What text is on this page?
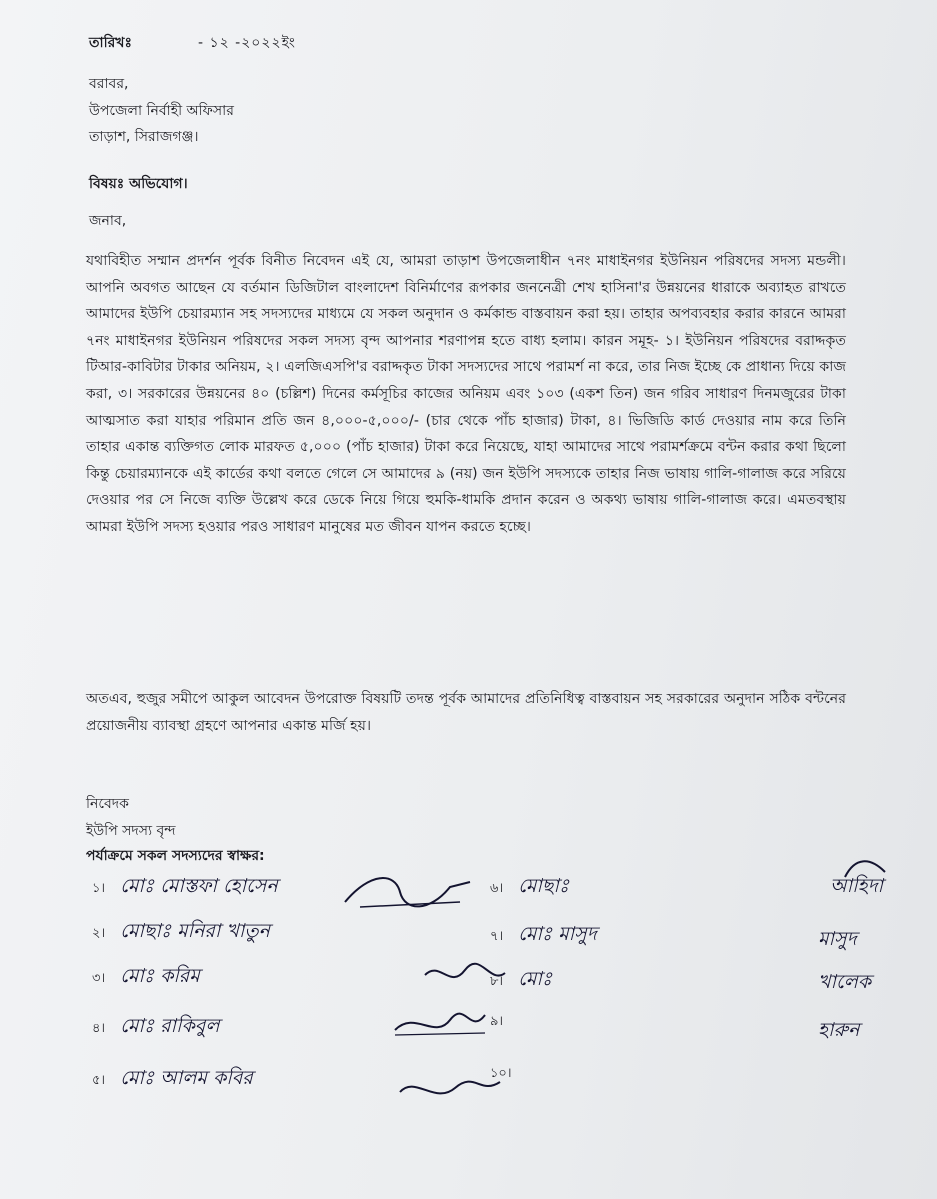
তারিখঃ	- ১২ -২০২২ইং
বরাবর,
উপজেলা নির্বাহী অফিসার
তাড়াশ, সিরাজগঞ্জ।
বিষয়ঃ অভিযোগ।
জনাব,
যথাবিহীত সম্মান প্রদর্শন পূর্বক বিনীত নিবেদন এই যে, আমরা তাড়াশ উপজেলাধীন ৭নং মাধাইনগর ইউনিয়ন পরিষদের সদস্য মন্ডলী। আপনি অবগত আছেন যে বর্তমান ডিজিটাল বাংলাদেশ বিনির্মাণের রূপকার জননেত্রী শেখ হাসিনা'র উন্নয়নের ধারাকে অব্যাহত রাখতে আমাদের ইউপি চেয়ারম্যান সহ সদস্যদের মাধ্যমে যে সকল অনুদান ও কর্মকান্ড বাস্তবায়ন করা হয়। তাহার অপব্যবহার করার কারনে আমরা ৭নং মাধাইনগর ইউনিয়ন পরিষদের সকল সদস্য বৃন্দ আপনার শরণাপন্ন হতে বাধ্য হলাম। কারন সমূহ- ১। ইউনিয়ন পরিষদের বরাদ্দকৃত টিআর-কাবিটার টাকার অনিয়ম, ২। এলজিএসপি'র বরাদ্দকৃত টাকা সদস্যদের সাথে পরামর্শ না করে, তার নিজ ইচ্ছে কে প্রাধান্য দিয়ে কাজ করা, ৩। সরকারের উন্নয়নের ৪০ (চল্লিশ) দিনের কর্মসূচির কাজের অনিয়ম এবং ১০৩ (একশ তিন) জন গরিব সাধারণ দিনমজুরের টাকা আত্মসাত করা যাহার পরিমান প্রতি জন ৪,০০০-৫,০০০/- (চার থেকে পাঁচ হাজার) টাকা, ৪। ভিজিডি কার্ড দেওয়ার নাম করে তিনি তাহার একান্ত ব্যক্তিগত লোক মারফত ৫,০০০ (পাঁচ হাজার) টাকা করে নিয়েছে, যাহা আমাদের সাথে পরামর্শক্রমে বন্টন করার কথা ছিলো কিন্তু চেয়ারম্যানকে এই কার্ডের কথা বলতে গেলে সে আমাদের ৯ (নয়) জন ইউপি সদস্যকে তাহার নিজ ভাষায় গালি-গালাজ করে সরিয়ে দেওয়ার পর সে নিজে ব্যক্তি উল্লেখ করে ডেকে নিয়ে গিয়ে হুমকি-ধামকি প্রদান করেন ও অকথ্য ভাষায় গালি-গালাজ করে। এমতবস্থায় আমরা ইউপি সদস্য হওয়ার পরও সাধারণ মানুষের মত জীবন যাপন করতে হচ্ছে।
অতএব, হুজুর সমীপে আকুল আবেদন উপরোক্ত বিষয়টি তদন্ত পূর্বক আমাদের প্রতিনিধিত্ব বাস্তবায়ন সহ সরকারের অনুদান সঠিক বন্টনের প্রয়োজনীয় ব্যাবস্থা গ্রহণে আপনার একান্ত মর্জি হয়।
নিবেদক
ইউপি সদস্য বৃন্দ
পর্যাক্রমে সকল সদস্যদের স্বাক্ষর:
১। মোঃ মোস্তফা হোসেন
২। মোছাঃ মনিরা খাতুন
৩। মোঃ করিম
৪। মোঃ রাকিবুল
৫। মোঃ আলম কবির
৬। মোছাঃ
৭। মোঃ মাসুদ
৮। মোঃ
৯।
১০।
আহিদা
মাসুদ
খালেক
হারুন
